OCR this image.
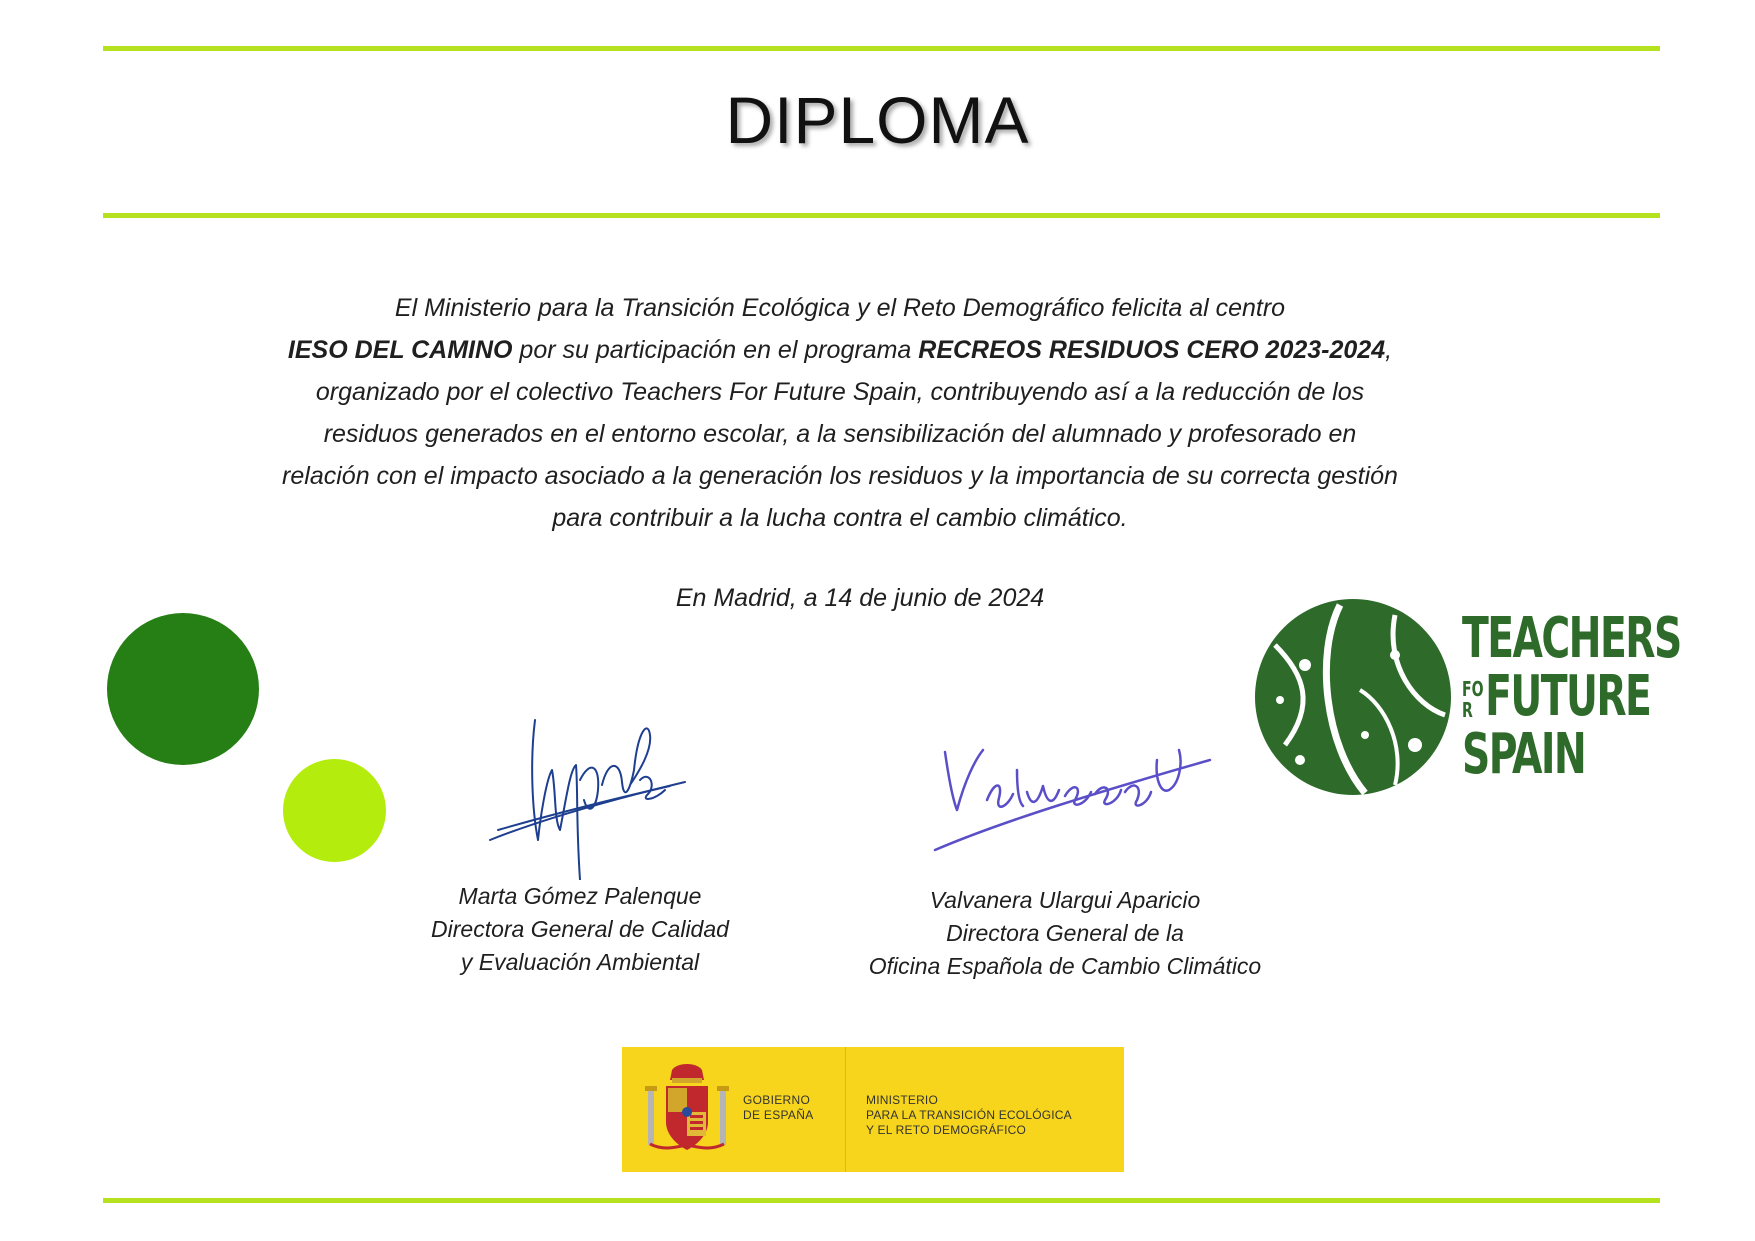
DIPLOMA
El Ministerio para la Transición Ecológica y el Reto Demográfico felicita al centro
IESO DEL CAMINO por su participación en el programa RECREOS RESIDUOS CERO 2023-2024,
organizado por el colectivo Teachers For Future Spain, contribuyendo así a la reducción de los
residuos generados en el entorno escolar, a la sensibilización del alumnado y profesorado en
relación con el impacto asociado a la generación los residuos y la importancia de su correcta gestión
para contribuir a la lucha contra el cambio climático.
En Madrid, a 14 de junio de 2024
Marta Gómez Palenque
Directora General de Calidad
y Evaluación Ambiental
Valvanera Ulargui Aparicio
Directora General de la
Oficina Española de Cambio Climático
TEACHERS
FO
R FUTURE
SPAIN
GOBIERNO
DE ESPAÑA
MINISTERIO
PARA LA TRANSICIÓN ECOLÓGICA
Y EL RETO DEMOGRÁFICO
